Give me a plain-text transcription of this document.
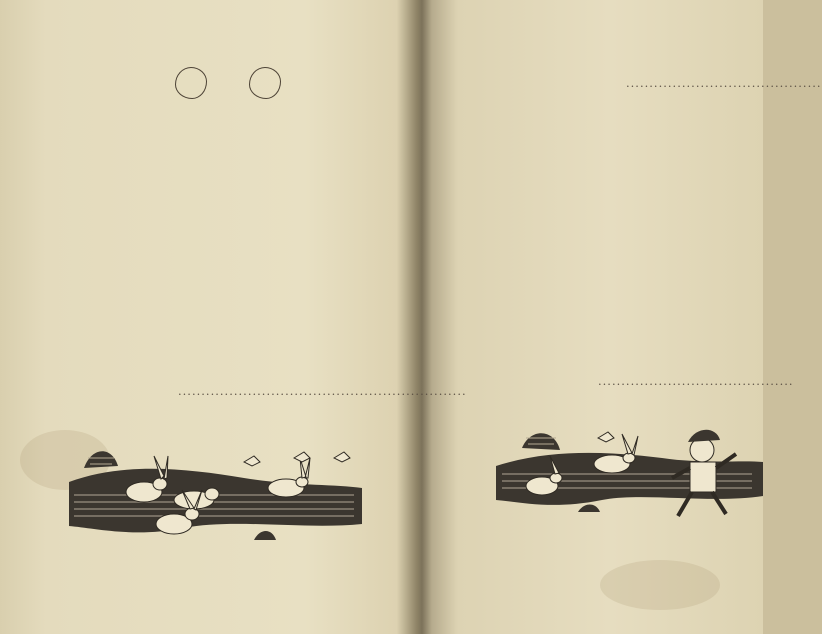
······························································
··········································
··········································
